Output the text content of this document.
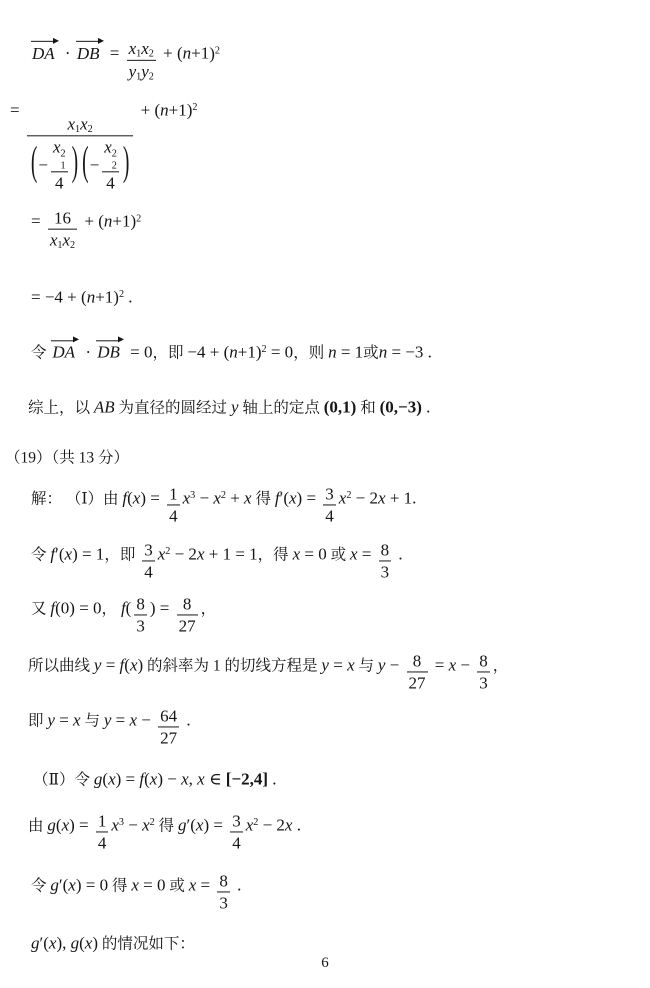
DA · DB = $\frac{x_1x_2}{y_1y_2} + (n+1)^2$
=
$x_1x_2$
( − x 2
1
4 ) ( − x 2
2
4 )
+ $(n+1)^2$
= $\frac{16}{x_1x_2} + (n+1)^2$
= $-4 + (n+1)^2$ .
令 DA · DB = 0，即 $-4 + (n+1)^2 = 0$，则 n = 1或n = −3 .
综上，以 AB 为直径的圆经过 y 轴上的定点 (0,1) 和 (0,−3) .
（19）（共 13 分）
解： （Ⅰ）由 $f(x) = \frac{1}{4} x^3 - x^2 + x$ 得 $f'(x) = \frac{3}{4} x^2 - 2x + 1$.
令 f′(x) = 1，即 $\frac{3}{4} x^2 - 2x + 1 = 1$，得 x = 0 或 $x = \frac{8}{3}$ .
又 f(0) = 0， $f( \frac{8}{3}$ ) = $\frac{8}{27}$ ，
所以曲线 y = f(x) 的斜率为 1 的切线方程是 y = x 与 $y - \frac{8}{27} = x - \frac{8}{3}$ ，
即 y = x 与 $y = x - \frac{64}{27}$ .
（Ⅱ）令 g(x) = f(x) − x, x ∈ [−2,4] .
由 $g(x) = \frac{1}{4} x^3 - x^2$ 得 $g'(x) = \frac{3}{4} x^2 - 2x$ .
令 g′(x) = 0 得 x = 0 或 $x = \frac{8}{3}$ .
g′(x), g(x) 的情况如下：
6
